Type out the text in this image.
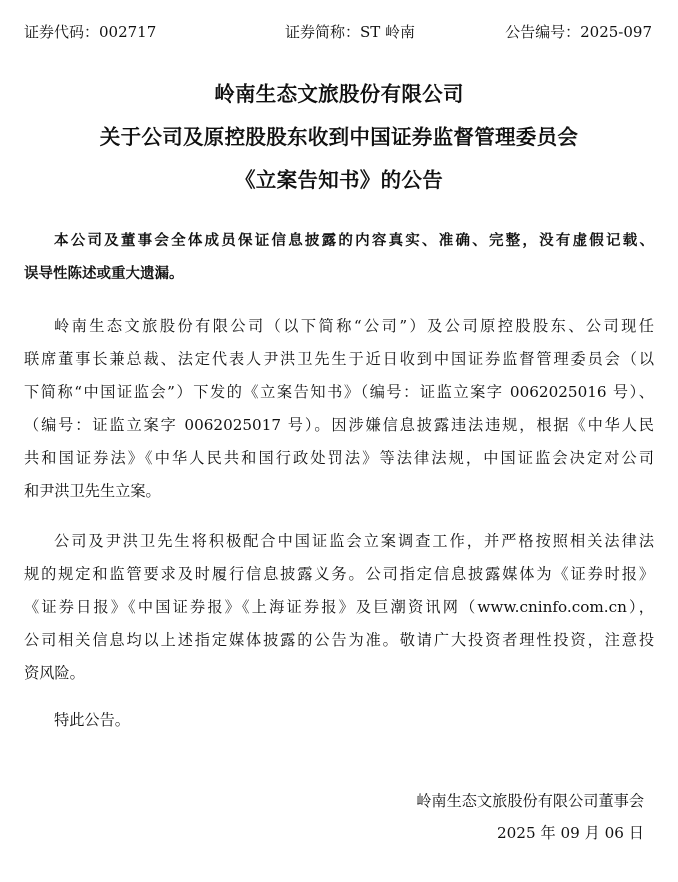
证券代码：002717	证券简称：ST 岭南	公告编号：2025-097
岭南生态文旅股份有限公司
关于公司及原控股股东收到中国证券监督管理委员会
《立案告知书》的公告
本公司及董事会全体成员保证信息披露的内容真实、准确、完整，没有虚假记载、
误导性陈述或重大遗漏。
岭南生态文旅股份有限公司（以下简称“公司”）及公司原控股股东、公司现任
联席董事长兼总裁、法定代表人尹洪卫先生于近日收到中国证券监督管理委员会（以
下简称“中国证监会”）下发的《立案告知书》（编号：证监立案字 0062025016 号）、
（编号：证监立案字 0062025017 号）。因涉嫌信息披露违法违规，根据《中华人民
共和国证券法》《中华人民共和国行政处罚法》等法律法规，中国证监会决定对公司
和尹洪卫先生立案。
公司及尹洪卫先生将积极配合中国证监会立案调查工作，并严格按照相关法律法
规的规定和监管要求及时履行信息披露义务。公司指定信息披露媒体为《证券时报》
《证券日报》《中国证券报》《上海证券报》及巨潮资讯网（www.cninfo.com.cn），
公司相关信息均以上述指定媒体披露的公告为准。敬请广大投资者理性投资，注意投
资风险。
特此公告。
岭南生态文旅股份有限公司董事会
2025 年 09 月 06 日
